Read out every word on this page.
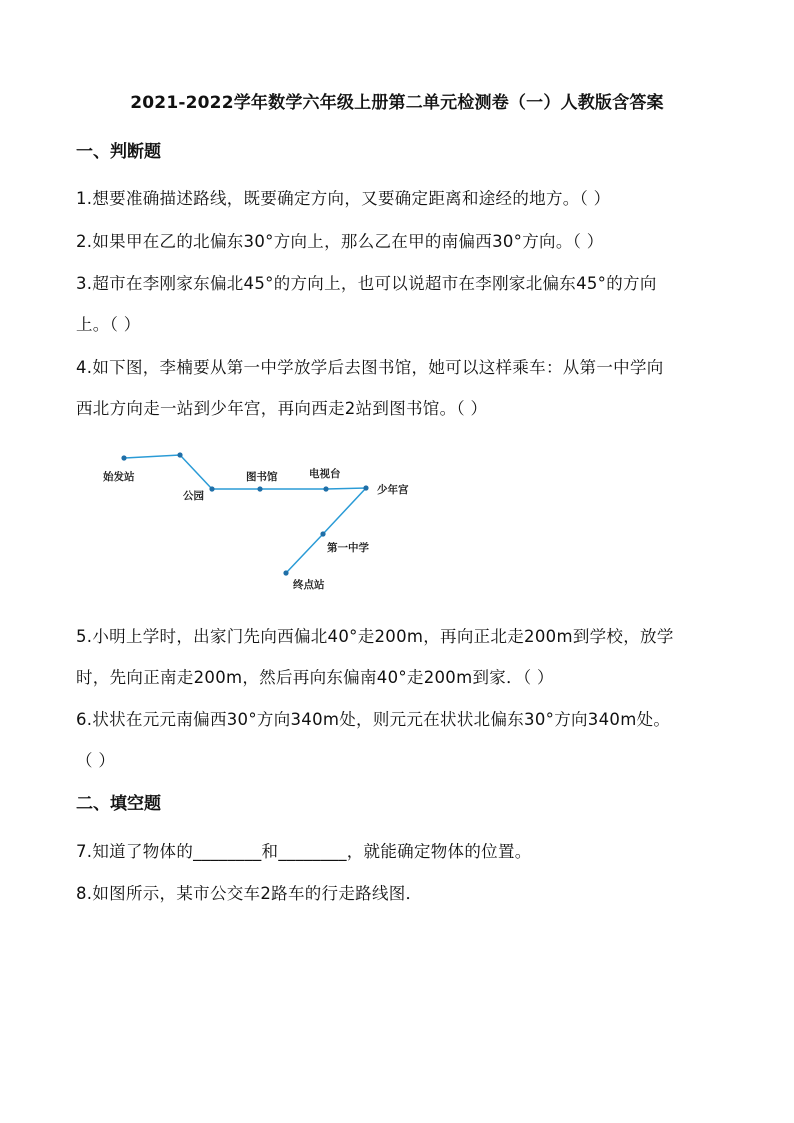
2021-2022学年数学六年级上册第二单元检测卷（一）人教版含答案
一、判断题
1.想要准确描述路线，既要确定方向，又要确定距离和途经的地方。（ ）
2.如果甲在乙的北偏东30°方向上，那么乙在甲的南偏西30°方向。（ ）
3.超市在李刚家东偏北45°的方向上，也可以说超市在李刚家北偏东45°的方向
上。（ ）
4.如下图，李楠要从第一中学放学后去图书馆，她可以这样乘车：从第一中学向
西北方向走一站到少年宫，再向西走2站到图书馆。（ ）
始发站
公园
图书馆	电视台
少年宫
第一中学
终点站
5.小明上学时，出家门先向西偏北40°走200m，再向正北走200m到学校，放学
时，先向正南走200m，然后再向东偏南40°走200m到家．（ ）
6.状状在元元南偏西30°方向340m处，则元元在状状北偏东30°方向340m处。
（ ）
二、填空题
7.知道了物体的________和________，就能确定物体的位置。
8.如图所示，某市公交车2路车的行走路线图．
